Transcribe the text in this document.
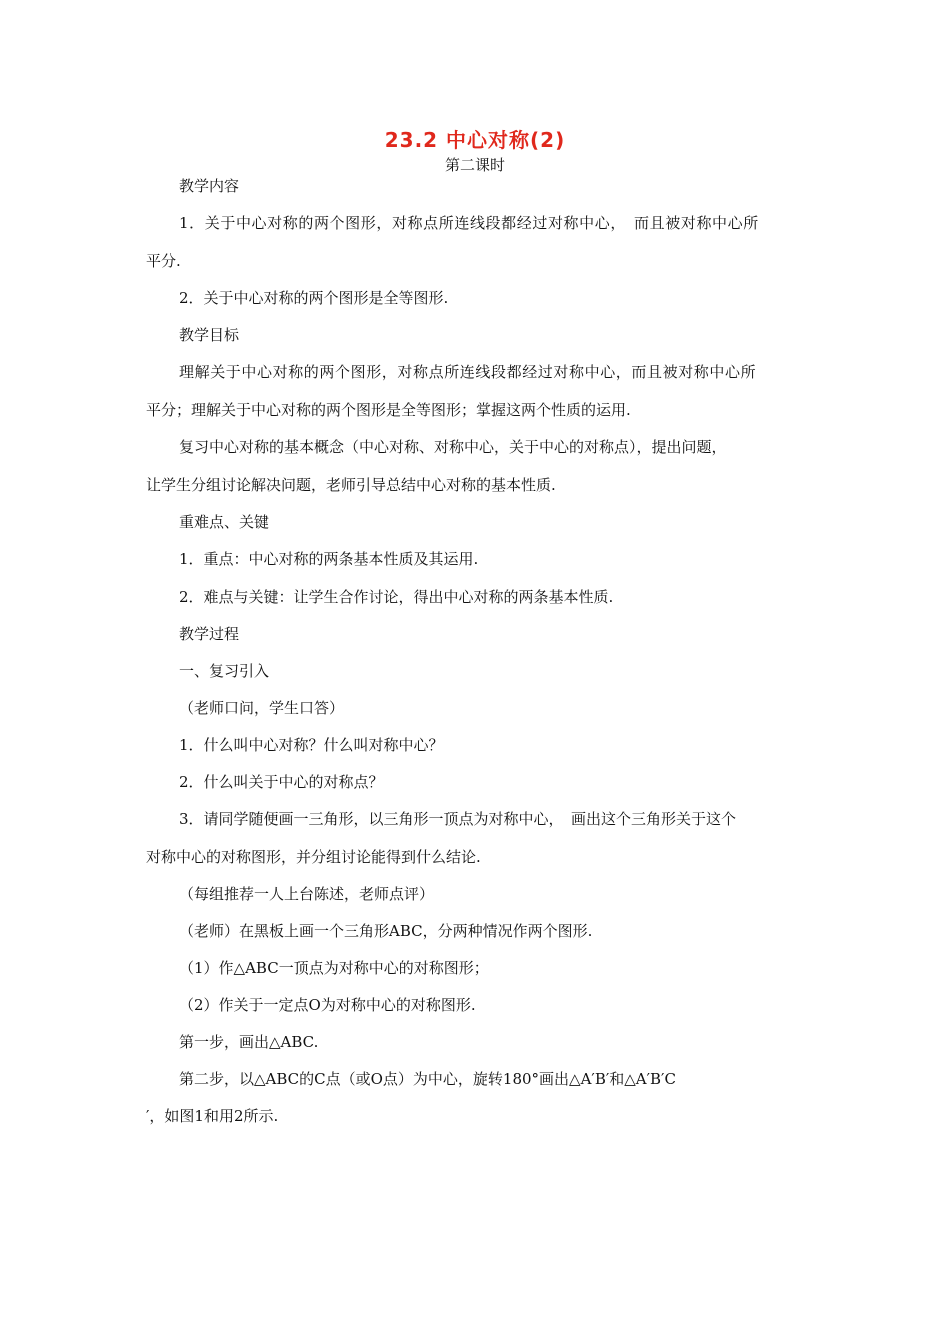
23.2 中心对称(2)
第二课时
教学内容
1．关于中心对称的两个图形，对称点所连线段都经过对称中心，　而且被对称中心所
平分.
2．关于中心对称的两个图形是全等图形.
教学目标
理解关于中心对称的两个图形，对称点所连线段都经过对称中心，而且被对称中心所
平分；理解关于中心对称的两个图形是全等图形；掌握这两个性质的运用.
复习中心对称的基本概念（中心对称、对称中心，关于中心的对称点），提出问题，
让学生分组讨论解决问题，老师引导总结中心对称的基本性质.
重难点、关键
1．重点：中心对称的两条基本性质及其运用.
2．难点与关键：让学生合作讨论，得出中心对称的两条基本性质.
教学过程
一、复习引入
（老师口问，学生口答）
1．什么叫中心对称？什么叫对称中心？
2．什么叫关于中心的对称点？
3．请同学随便画一三角形，以三角形一顶点为对称中心，　画出这个三角形关于这个
对称中心的对称图形，并分组讨论能得到什么结论.
（每组推荐一人上台陈述，老师点评）
（老师）在黑板上画一个三角形ABC，分两种情况作两个图形.
（1）作△ABC一顶点为对称中心的对称图形；
（2）作关于一定点O为对称中心的对称图形.
第一步，画出△ABC.
第二步，以△ABC的C点（或O点）为中心，旋转180°画出△A′B′和△A′B′C
′，如图1和用2所示.
